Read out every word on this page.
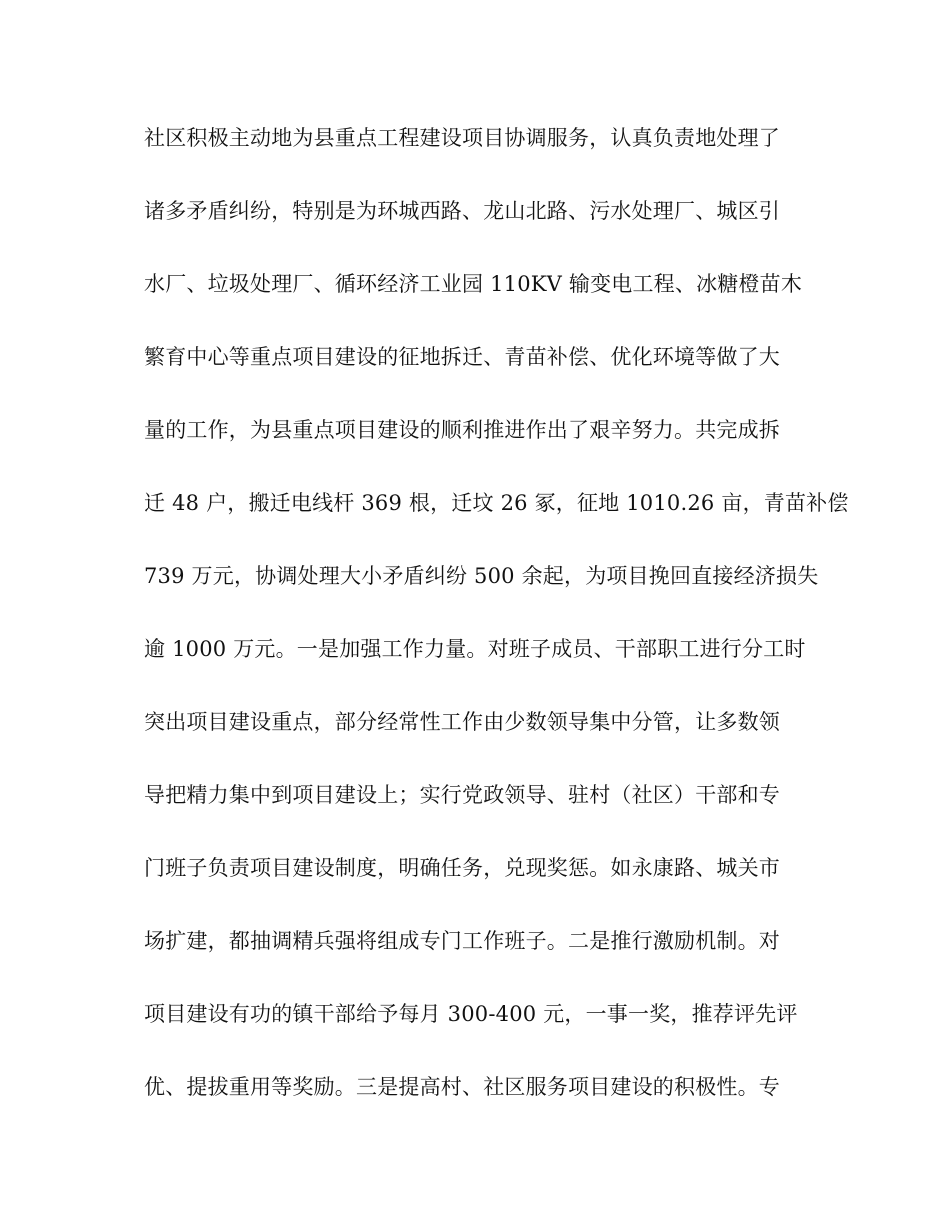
社区积极主动地为县重点工程建设项目协调服务，认真负责地处理了
诸多矛盾纠纷，特别是为环城西路、龙山北路、污水处理厂、城区引
水厂、垃圾处理厂、循环经济工业园 110KV 输变电工程、冰糖橙苗木
繁育中心等重点项目建设的征地拆迁、青苗补偿、优化环境等做了大
量的工作，为县重点项目建设的顺利推进作出了艰辛努力。共完成拆
迁 48 户，搬迁电线杆 369 根，迁坟 26 冢，征地 1010.26 亩，青苗补偿
739 万元，协调处理大小矛盾纠纷 500 余起，为项目挽回直接经济损失
逾 1000 万元。一是加强工作力量。对班子成员、干部职工进行分工时
突出项目建设重点，部分经常性工作由少数领导集中分管，让多数领
导把精力集中到项目建设上；实行党政领导、驻村（社区）干部和专
门班子负责项目建设制度，明确任务，兑现奖惩。如永康路、城关市
场扩建，都抽调精兵强将组成专门工作班子。二是推行激励机制。对
项目建设有功的镇干部给予每月 300-400 元，一事一奖，推荐评先评
优、提拔重用等奖励。三是提高村、社区服务项目建设的积极性。专
